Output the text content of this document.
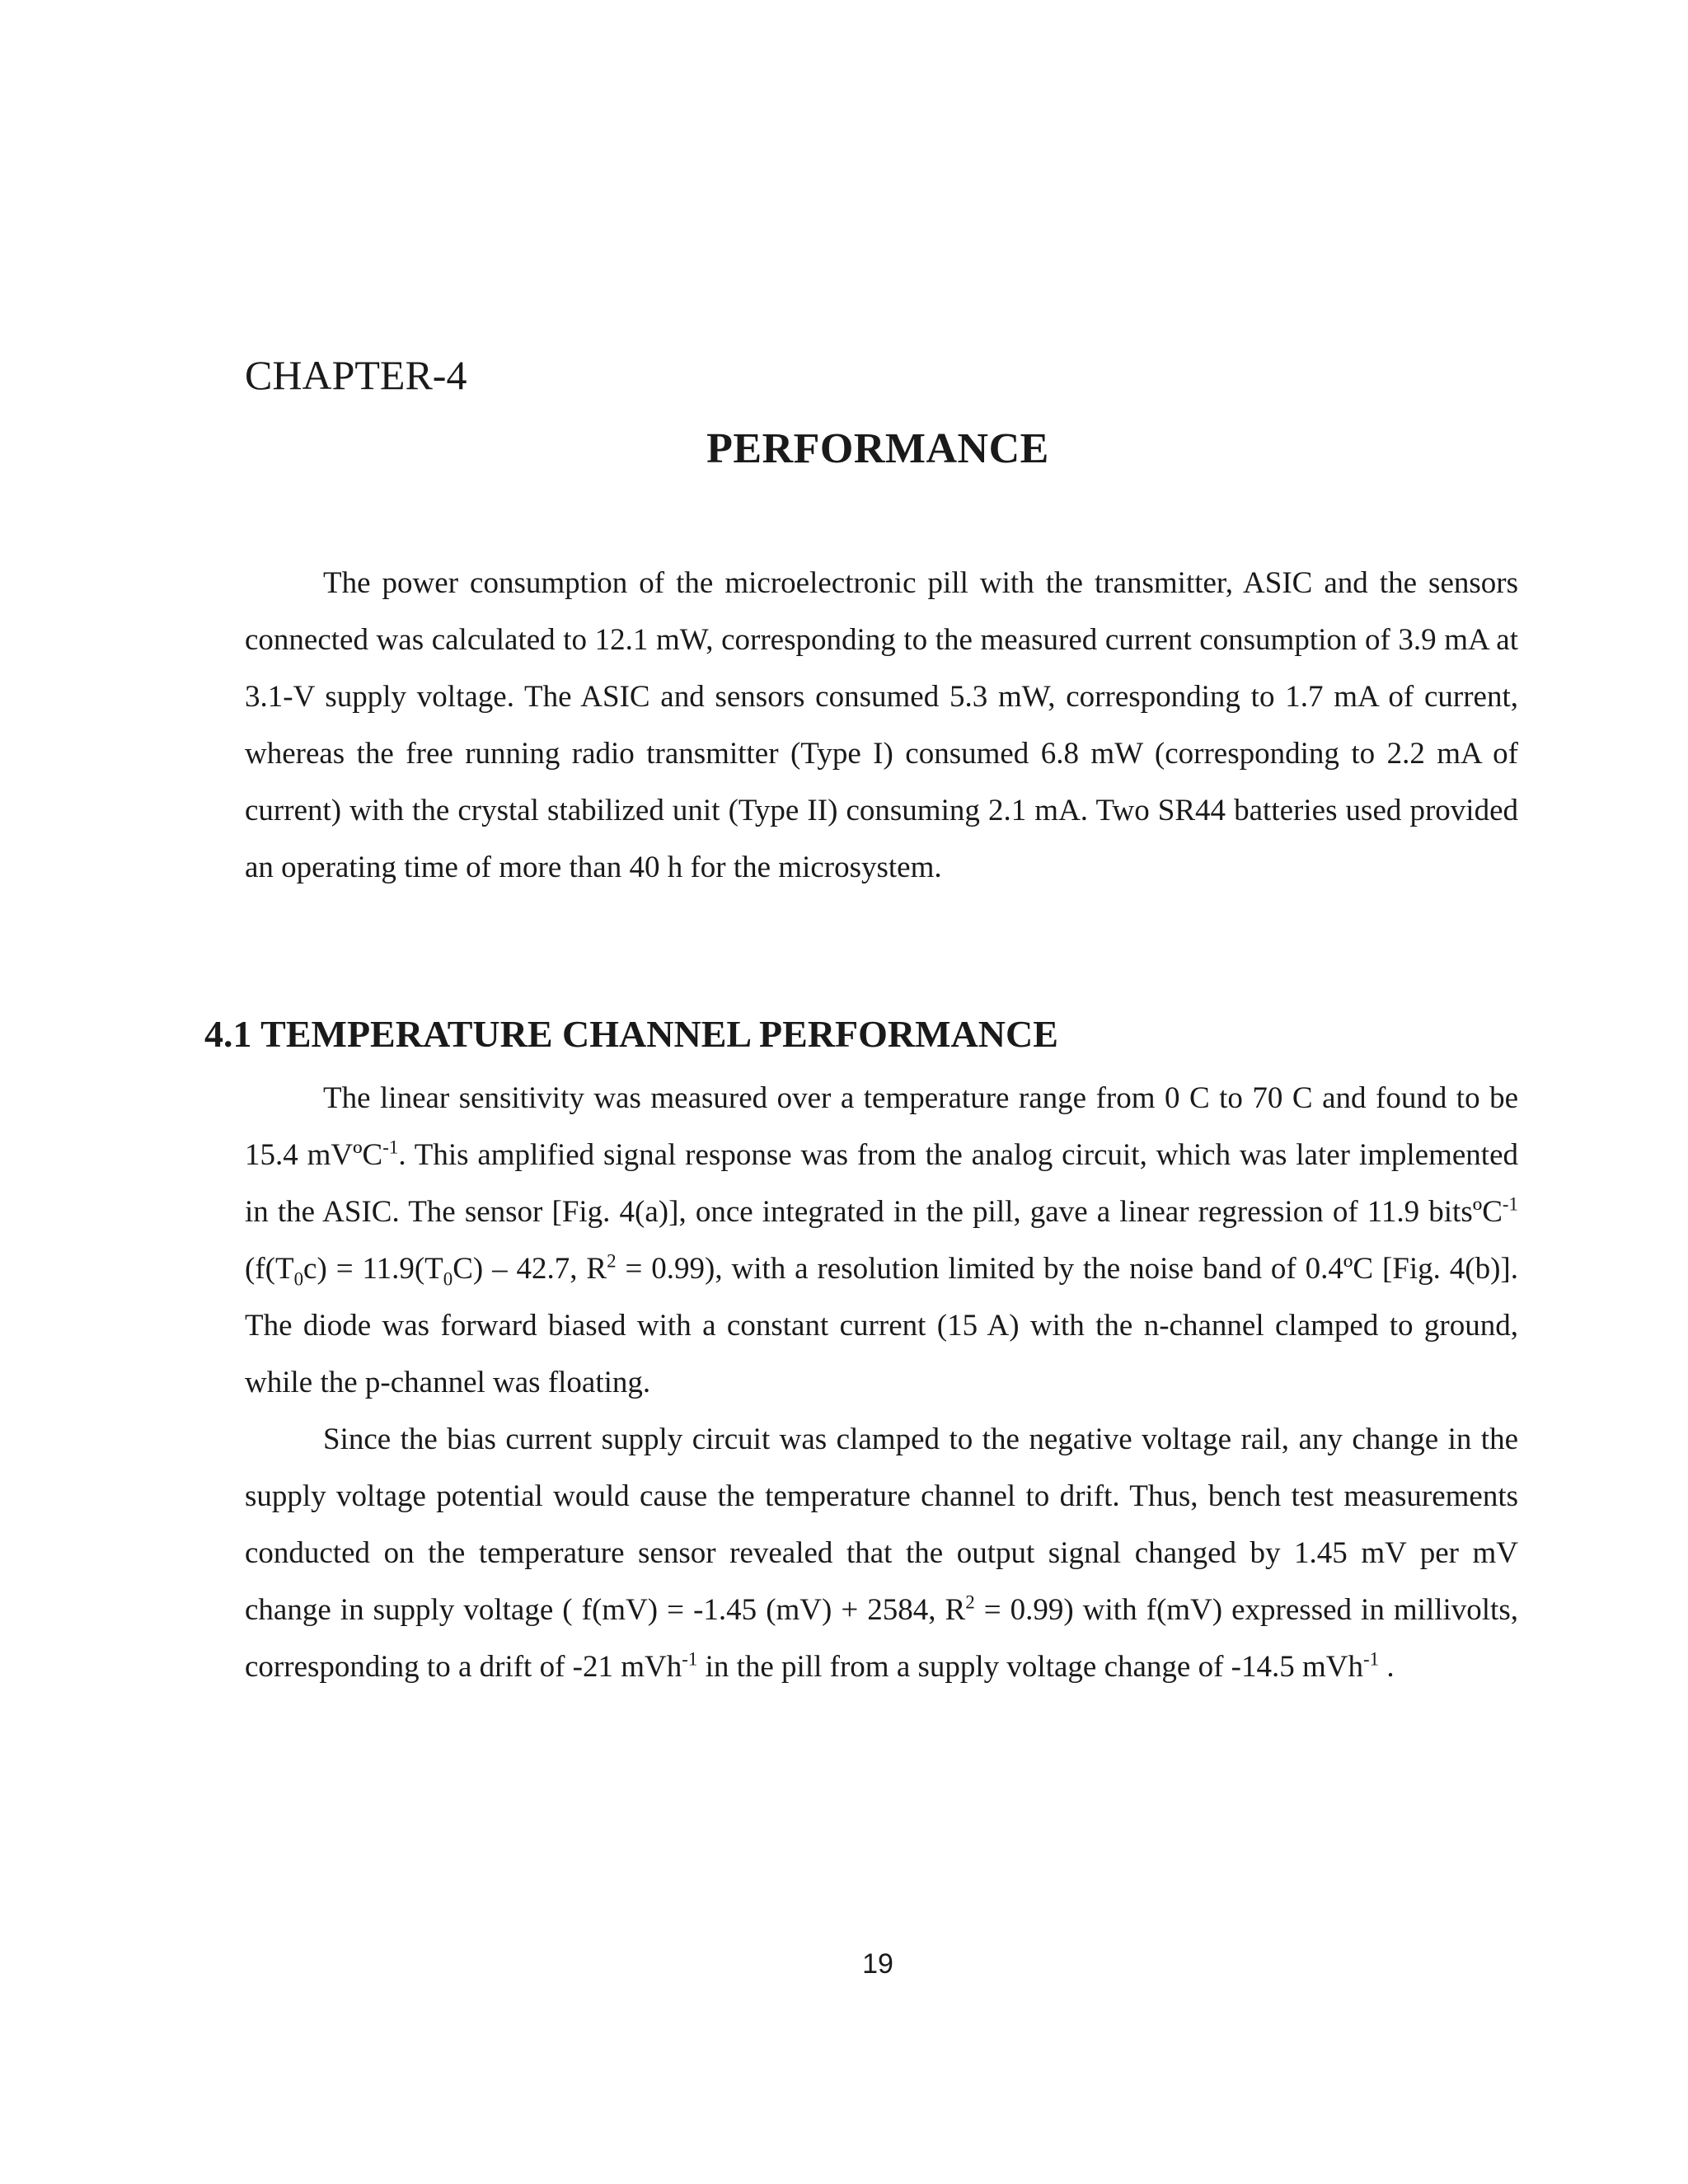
CHAPTER-4
PERFORMANCE

The power consumption of the microelectronic pill with the transmitter, ASIC and the sensors connected was calculated to 12.1 mW, corresponding to the measured current consumption of 3.9 mA at 3.1-V supply voltage. The ASIC and sensors consumed 5.3 mW, corresponding to 1.7 mA of current, whereas the free running radio transmitter (Type I) consumed 6.8 mW (corresponding to 2.2 mA of current) with the crystal stabilized unit (Type II) consuming 2.1 mA. Two SR44 batteries used provided an operating time of more than 40 h for the microsystem.

4.1 TEMPERATURE CHANNEL PERFORMANCE

The linear sensitivity was measured over a temperature range from 0 C to 70 C and found to be 15.4 mVºC$^{-1}$. This amplified signal response was from the analog circuit, which was later implemented in the ASIC. The sensor [Fig. 4(a)], once integrated in the pill, gave a linear regression of 11.9 bitsºC$^{-1}$ ($f(T_0c) = 11.9(T_0C) - 42.7$, $R^2 = 0.99$), with a resolution limited by the noise band of 0.4ºC [Fig. 4(b)]. The diode was forward biased with a constant current (15 A) with the n-channel clamped to ground, while the p-channel was floating.

Since the bias current supply circuit was clamped to the negative voltage rail, any change in the supply voltage potential would cause the temperature channel to drift. Thus, bench test measurements conducted on the temperature sensor revealed that the output signal changed by 1.45 mV per mV change in supply voltage ( f(mV) = -1.45 (mV) + 2584, $R^2 = 0.99$) with f(mV) expressed in millivolts, corresponding to a drift of -21 mVh$^{-1}$ in the pill from a supply voltage change of -14.5 mVh$^{-1}$ .

19
